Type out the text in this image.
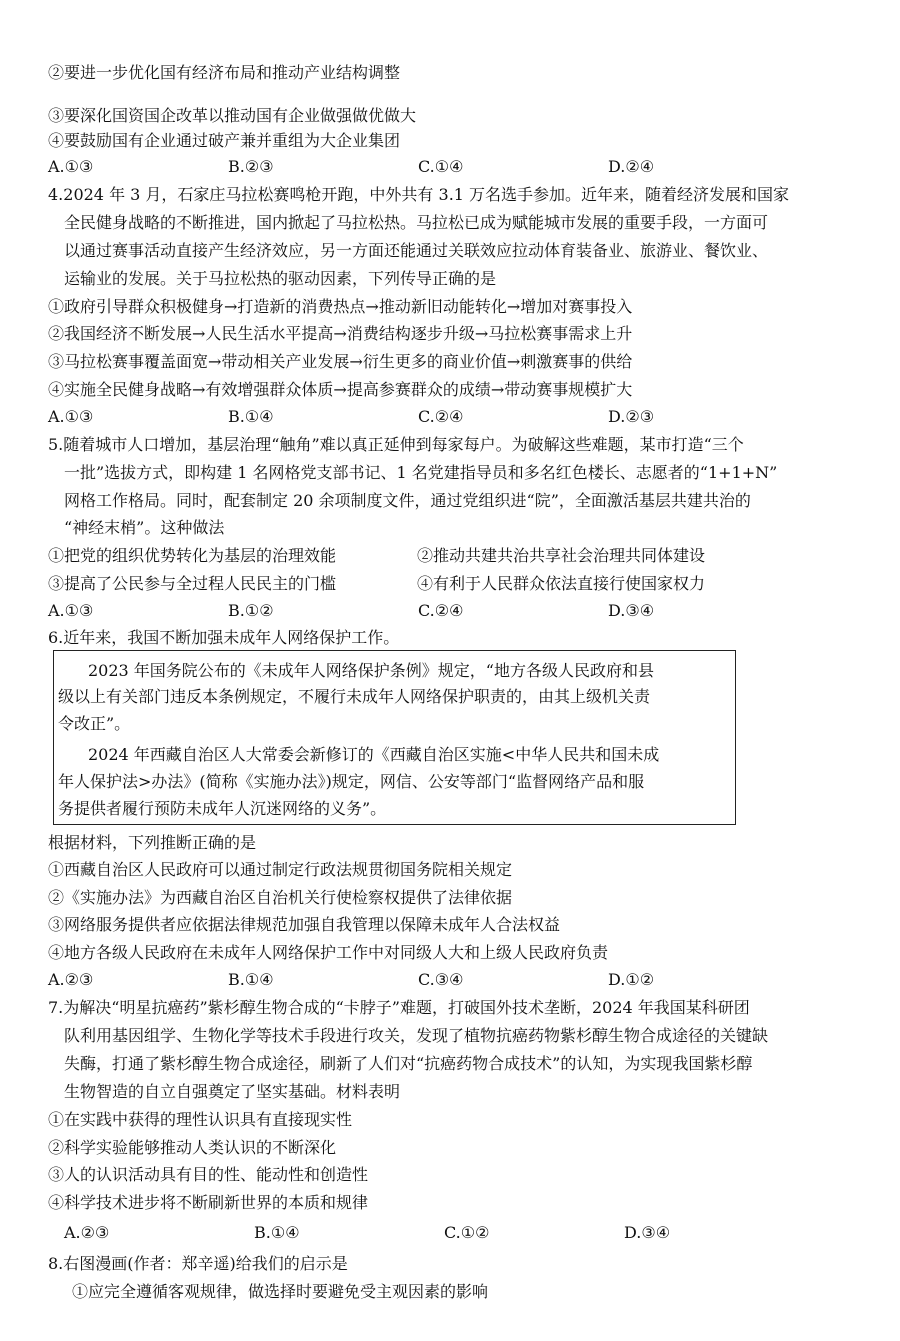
②要进一步优化国有经济布局和推动产业结构调整
③要深化国资国企改革以推动国有企业做强做优做大
④要鼓励国有企业通过破产兼并重组为大企业集团
A.①③	B.②③	C.①④	D.②④
4.2024 年 3 月，石家庄马拉松赛鸣枪开跑，中外共有 3.1 万名选手参加。近年来，随着经济发展和国家
全民健身战略的不断推进，国内掀起了马拉松热。马拉松已成为赋能城市发展的重要手段，一方面可
以通过赛事活动直接产生经济效应，另一方面还能通过关联效应拉动体育装备业、旅游业、餐饮业、
运输业的发展。关于马拉松热的驱动因素，下列传导正确的是
①政府引导群众积极健身→打造新的消费热点→推动新旧动能转化→增加对赛事投入
②我国经济不断发展→人民生活水平提高→消费结构逐步升级→马拉松赛事需求上升
③马拉松赛事覆盖面宽→带动相关产业发展→衍生更多的商业价值→刺激赛事的供给
④实施全民健身战略→有效增强群众体质→提高参赛群众的成绩→带动赛事规模扩大
A.①③	B.①④	C.②④	D.②③
5.随着城市人口增加，基层治理“触角”难以真正延伸到每家每户。为破解这些难题，某市打造“三个
一批”选拔方式，即构建 1 名网格党支部书记、1 名党建指导员和多名红色楼长、志愿者的“1+1+N”
网格工作格局。同时，配套制定 20 余项制度文件，通过党组织进“院”，全面激活基层共建共治的
“神经末梢”。这种做法
①把党的组织优势转化为基层的治理效能	②推动共建共治共享社会治理共同体建设
③提高了公民参与全过程人民民主的门槛	④有利于人民群众依法直接行使国家权力
A.①③	B.①②	C.②④	D.③④
6.近年来，我国不断加强未成年人网络保护工作。
2023 年国务院公布的《未成年人网络保护条例》规定，“地方各级人民政府和县
级以上有关部门违反本条例规定，不履行未成年人网络保护职责的，由其上级机关责
令改正”。
2024 年西藏自治区人大常委会新修订的《西藏自治区实施<中华人民共和国未成
年人保护法>办法》(简称《实施办法》)规定，网信、公安等部门“监督网络产品和服
务提供者履行预防未成年人沉迷网络的义务”。
根据材料，下列推断正确的是
①西藏自治区人民政府可以通过制定行政法规贯彻国务院相关规定
②《实施办法》为西藏自治区自治机关行使检察权提供了法律依据
③网络服务提供者应依据法律规范加强自我管理以保障未成年人合法权益
④地方各级人民政府在未成年人网络保护工作中对同级人大和上级人民政府负责
A.②③	B.①④	C.③④	D.①②
7.为解决“明星抗癌药”紫杉醇生物合成的“卡脖子”难题，打破国外技术垄断，2024 年我国某科研团
队利用基因组学、生物化学等技术手段进行攻关，发现了植物抗癌药物紫杉醇生物合成途径的关键缺
失酶，打通了紫杉醇生物合成途径，刷新了人们对“抗癌药物合成技术”的认知，为实现我国紫杉醇
生物智造的自立自强奠定了坚实基础。材料表明
①在实践中获得的理性认识具有直接现实性
②科学实验能够推动人类认识的不断深化
③人的认识活动具有目的性、能动性和创造性
④科学技术进步将不断刷新世界的本质和规律
A.②③	B.①④	C.①②	D.③④
8.右图漫画(作者：郑辛遥)给我们的启示是
①应完全遵循客观规律，做选择时要避免受主观因素的影响
